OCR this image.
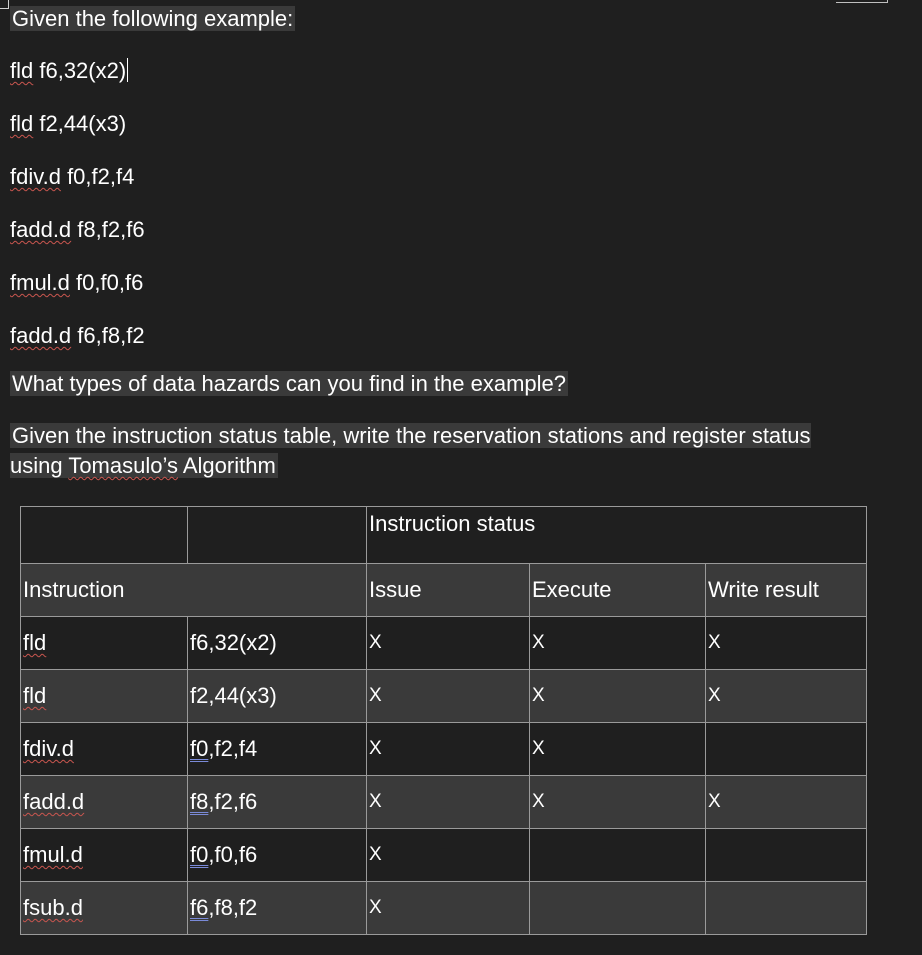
Given the following example:
fld f6,32(x2)
fld f2,44(x3)
fdiv.d f0,f2,f4
fadd.d f8,f2,f6
fmul.d f0,f0,f6
fadd.d f6,f8,f2
What types of data hazards can you find in the example?
Given the instruction status table, write the reservation stations and register status using Tomasulo’s Algorithm
		Instruction status		
Instruction		Issue	Execute	Write result
fld	f6,32(x2)	X	X	X
fld	f2,44(x3)	X	X	X
fdiv.d	f0,f2,f4	X	X	
fadd.d	f8,f2,f6	X	X	X
fmul.d	f0,f0,f6	X		
fsub.d	f6,f8,f2	X		
